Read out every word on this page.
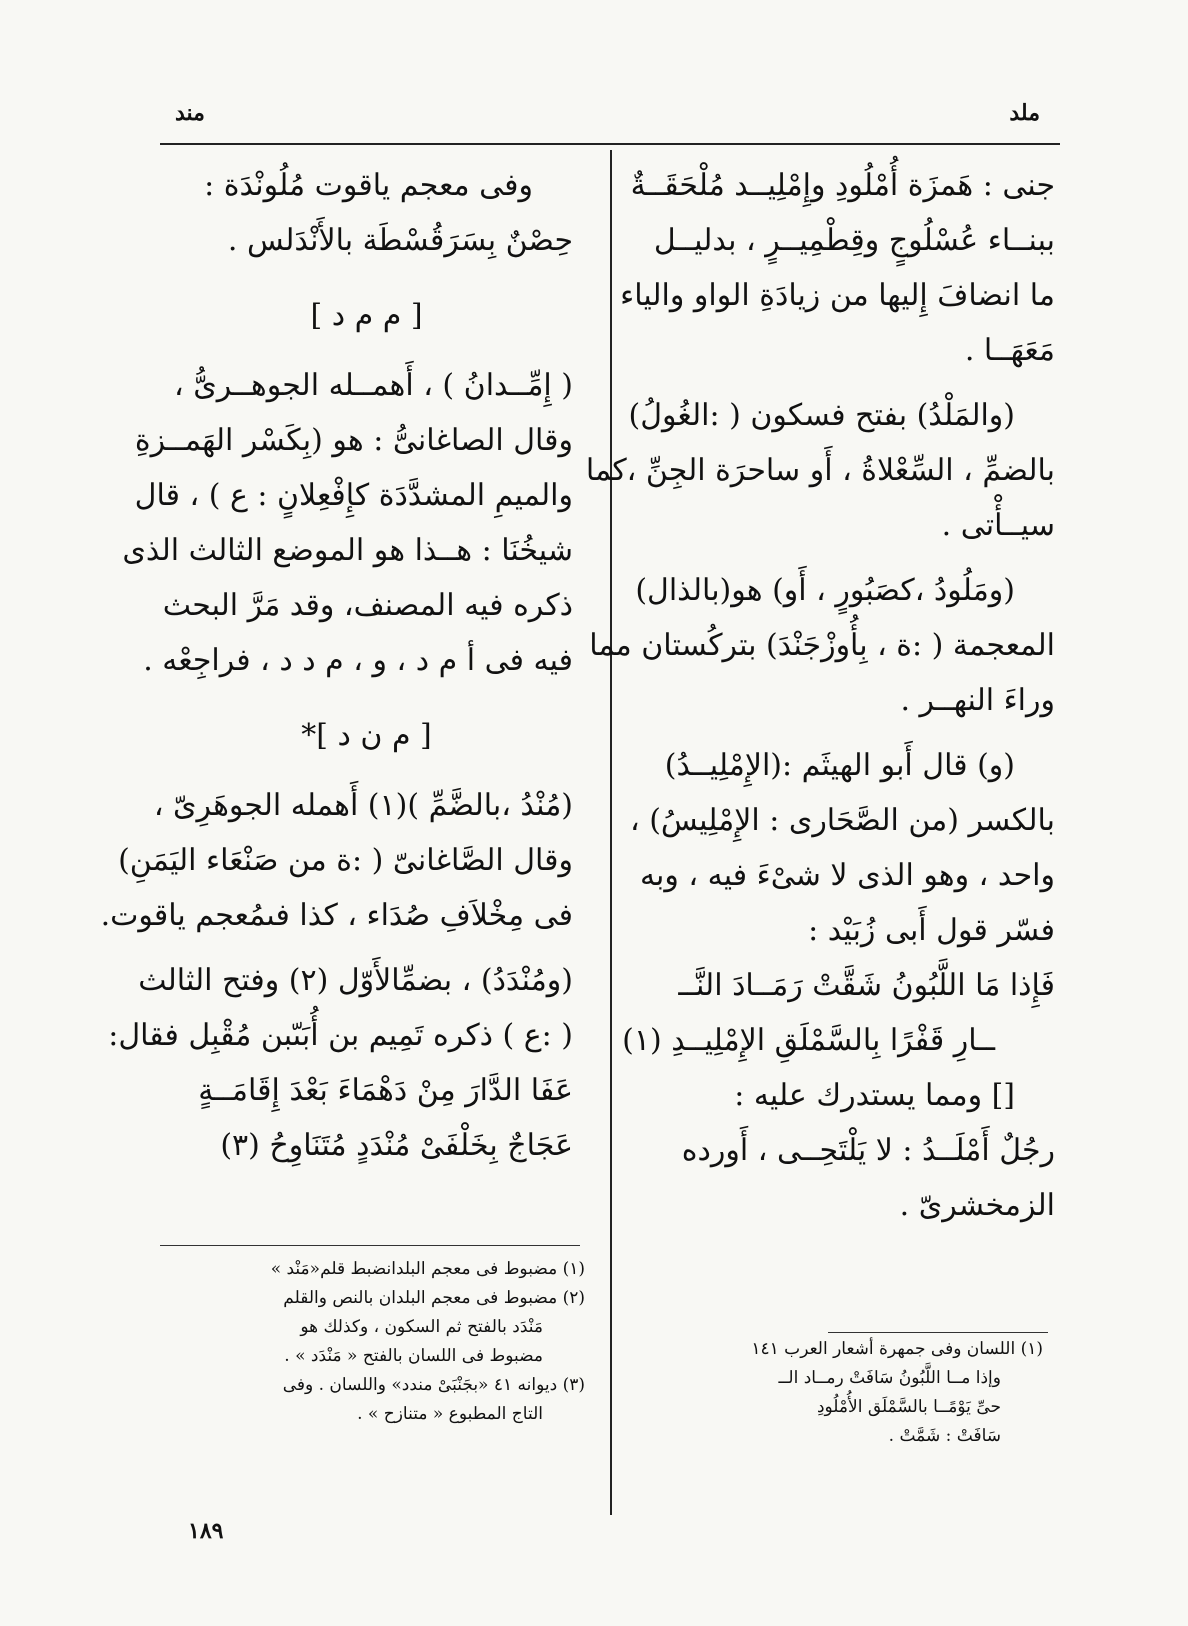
ملد
مند
جنى : هَمزَة أُمْلُودِ وإِمْلِيــد مُلْحَقَــةٌ
ببنــاء عُسْلُوجٍ وقِطْمِيــرٍ ، بدليــل
ما انضافَ إِليها من زيادَةِ الواو والياء
مَعَهَــا .
(والمَلْدُ) بفتح فسكون ( :الغُولُ)
بالضمِّ ، السِّعْلاةُ ، أَو ساحرَة الجِنِّ ،كما
سيــأْتى .
(ومَلُودُ ،كصَبُورٍ ، أَو) هو(بالذال)
المعجمة ( :ة ، بِأُوزْجَنْدَ) بتركُستان مما
وراءَ النهــر .
(و) قال أَبو الهيثَم :(الإِمْلِيــدُ)
بالكسر (من الصَّحَارى : الإِمْلِيسُ) ،
واحد ، وهو الذى لا شىْءَ فيه ، وبه
فسّر قول أَبى زُبَيْد :
فَإِذا مَا اللَّبُونُ شَقَّتْ رَمَــادَ النَّــ
ــارِ قَفْرًا بِالسَّمْلَقِ الإِمْلِيــدِ (١)
[] ومما يستدرك عليه :
رجُلٌ أَمْلَــدُ : لا يَلْتَحِــى ، أَورده
الزمخشرىّ .
وفى معجم ياقوت مُلُونْدَة :
حِصْنٌ بِسَرَقُسْطَة بالأَنْدَلس .
[ م م د ]
( إِمِّــدانُ ) ، أَهمــله الجوهــرىُّ ،
وقال الصاغانىُّ : هو (بِكَسْر الهَمــزةِ
والميمِ المشدَّدَة كإِفْعِلانٍ : ع ) ، قال
شيخُنَا : هــذا هو الموضع الثالث الذى
ذكره فيه المصنف، وقد مَرَّ البحث
فيه فى أ م د ، و ، م د د ، فراجِعْه .
[ م ن د ]*
(مُنْدُ ،بالضَّمِّ )(١) أَهمله الجوهَرِىّ ،
وقال الصَّاغانىّ ( :ة من صَنْعَاء اليَمَنِ)
فى مِخْلاَفِ صُدَاء ، كذا فىمُعجم ياقوت.
(ومُنْدَدُ) ، بضمِّالأَوّل (٢) وفتح الثالث
( :ع ) ذكره تَمِيم بن أُبَىّبن مُقْبِل فقال:
عَفَا الدَّارَ مِنْ دَهْمَاءَ بَعْدَ إِقَامَــةٍ
عَجَاجٌ بِخَلْفَىْ مُنْدَدٍ مُتَنَاوِحُ (٣)
(١) مضبوط فى معجم البلدانضبط قلم«مَنْد »
(٢) مضبوط فى معجم البلدان بالنص والقلم
مَنْدَد بالفتح ثم السكون ، وكذلك هو
مضبوط فى اللسان بالفتح « مَنْدَد » .
(٣) ديوانه ٤١ «بجَنْبَىْ مندد» واللسان . وفى
التاج المطبوع « متنازح » .
(١) اللسان وفى جمهرة أشعار العرب ١٤١
وإذا مــا اللَّبُونُ سَافَتْ رمــاد الــ
حىِّ يَوْمًــا بالسَّمْلَق الأُمْلُودِ
سَافَتْ : شَمَّتْ .
١٨٩
